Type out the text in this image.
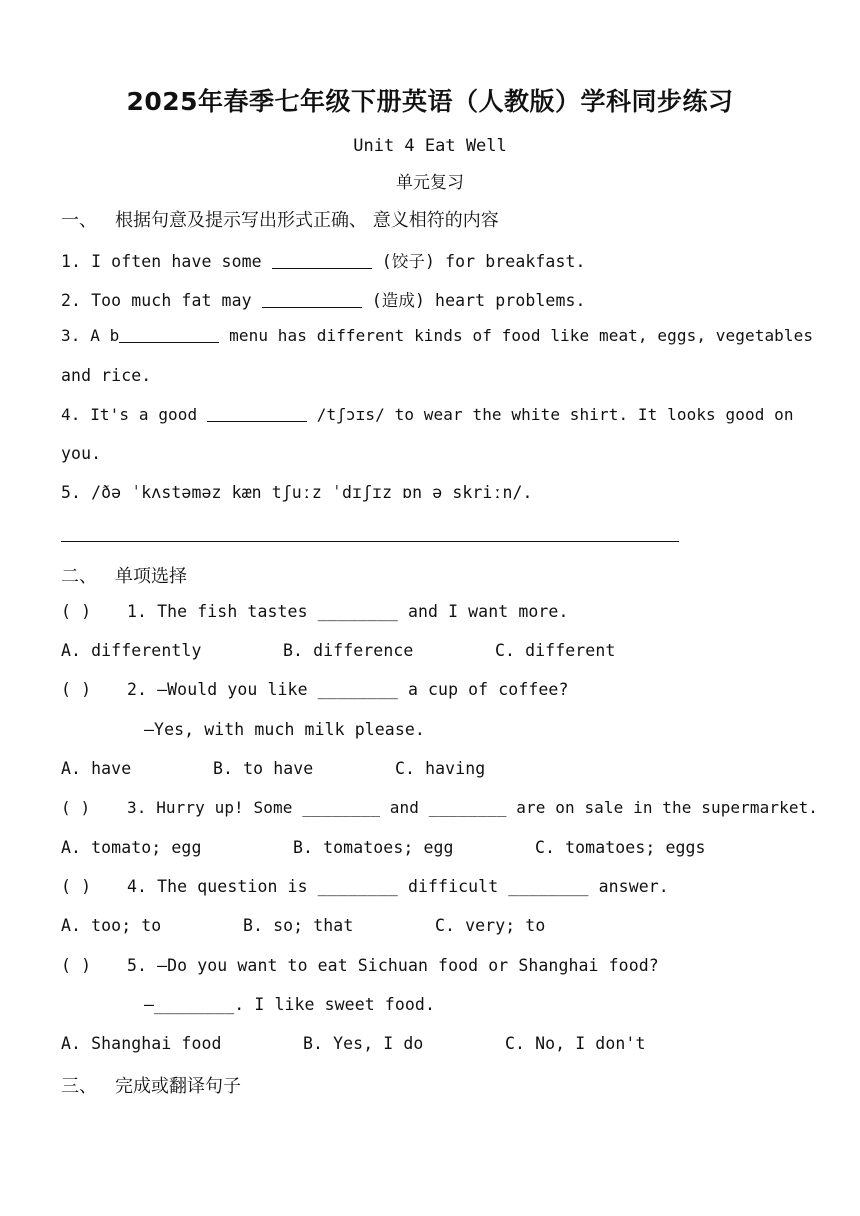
2025年春季七年级下册英语（人教版）学科同步练习
Unit 4 Eat Well
单元复习
一、 根据句意及提示写出形式正确、 意义相符的内容
1. I often have some	(饺子) for breakfast.
2. Too much fat may	(造成) heart problems.
3. A b	menu has different kinds of food like meat, eggs, vegetables
and rice.
4. It's a good	/tʃɔɪs/ to wear the white shirt. It looks good on
you.
5. /ðə ˈkʌstəməz kæn tʃuːz ˈdɪʃɪz ɒn ə skriːn/.
二、 单项选择
( ) 1. The fish tastes ________ and I want more.
A. differently	B. difference	C. different
( ) 2. —Would you like ________ a cup of coffee?
—Yes, with much milk please.
A. have	B. to have	C. having
( ) 3. Hurry up! Some ________ and ________ are on sale in the supermarket.
A. tomato; egg	B. tomatoes; egg	C. tomatoes; eggs
( ) 4. The question is ________ difficult ________ answer.
A. too; to	B. so; that	C. very; to
( ) 5. —Do you want to eat Sichuan food or Shanghai food?
—________. I like sweet food.
A. Shanghai food	B. Yes, I do	C. No, I don't
三、 完成或翻译句子
